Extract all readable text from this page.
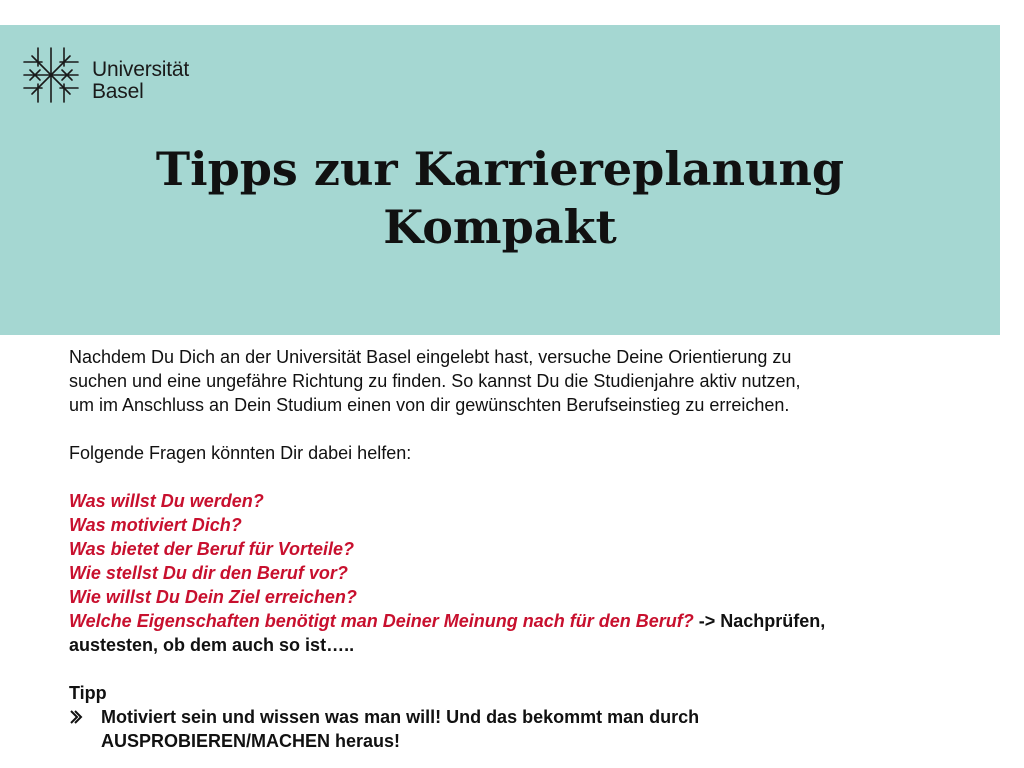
Universität
Basel
Tipps zur Karriereplanung
Kompakt

Nachdem Du Dich an der Universität Basel eingelebt hast, versuche Deine Orientierung zu

suchen und eine ungefähre Richtung zu finden. So kannst Du die Studienjahre aktiv nutzen,

um im Anschluss an Dein Studium einen von dir gewünschten Berufseinstieg zu erreichen.

Folgende Fragen könnten Dir dabei helfen:

Was willst Du werden?

Was motiviert Dich?

Was bietet der Beruf für Vorteile?

Wie stellst Du dir den Beruf vor?

Wie willst Du Dein Ziel erreichen?

Welche Eigenschaften benötigt man Deiner Meinung nach für den Beruf? -> Nachprüfen,

austesten, ob dem auch so ist…..

Tipp

Motiviert sein und wissen was man will! Und das bekommt man durch

AUSPROBIEREN/MACHEN heraus!
